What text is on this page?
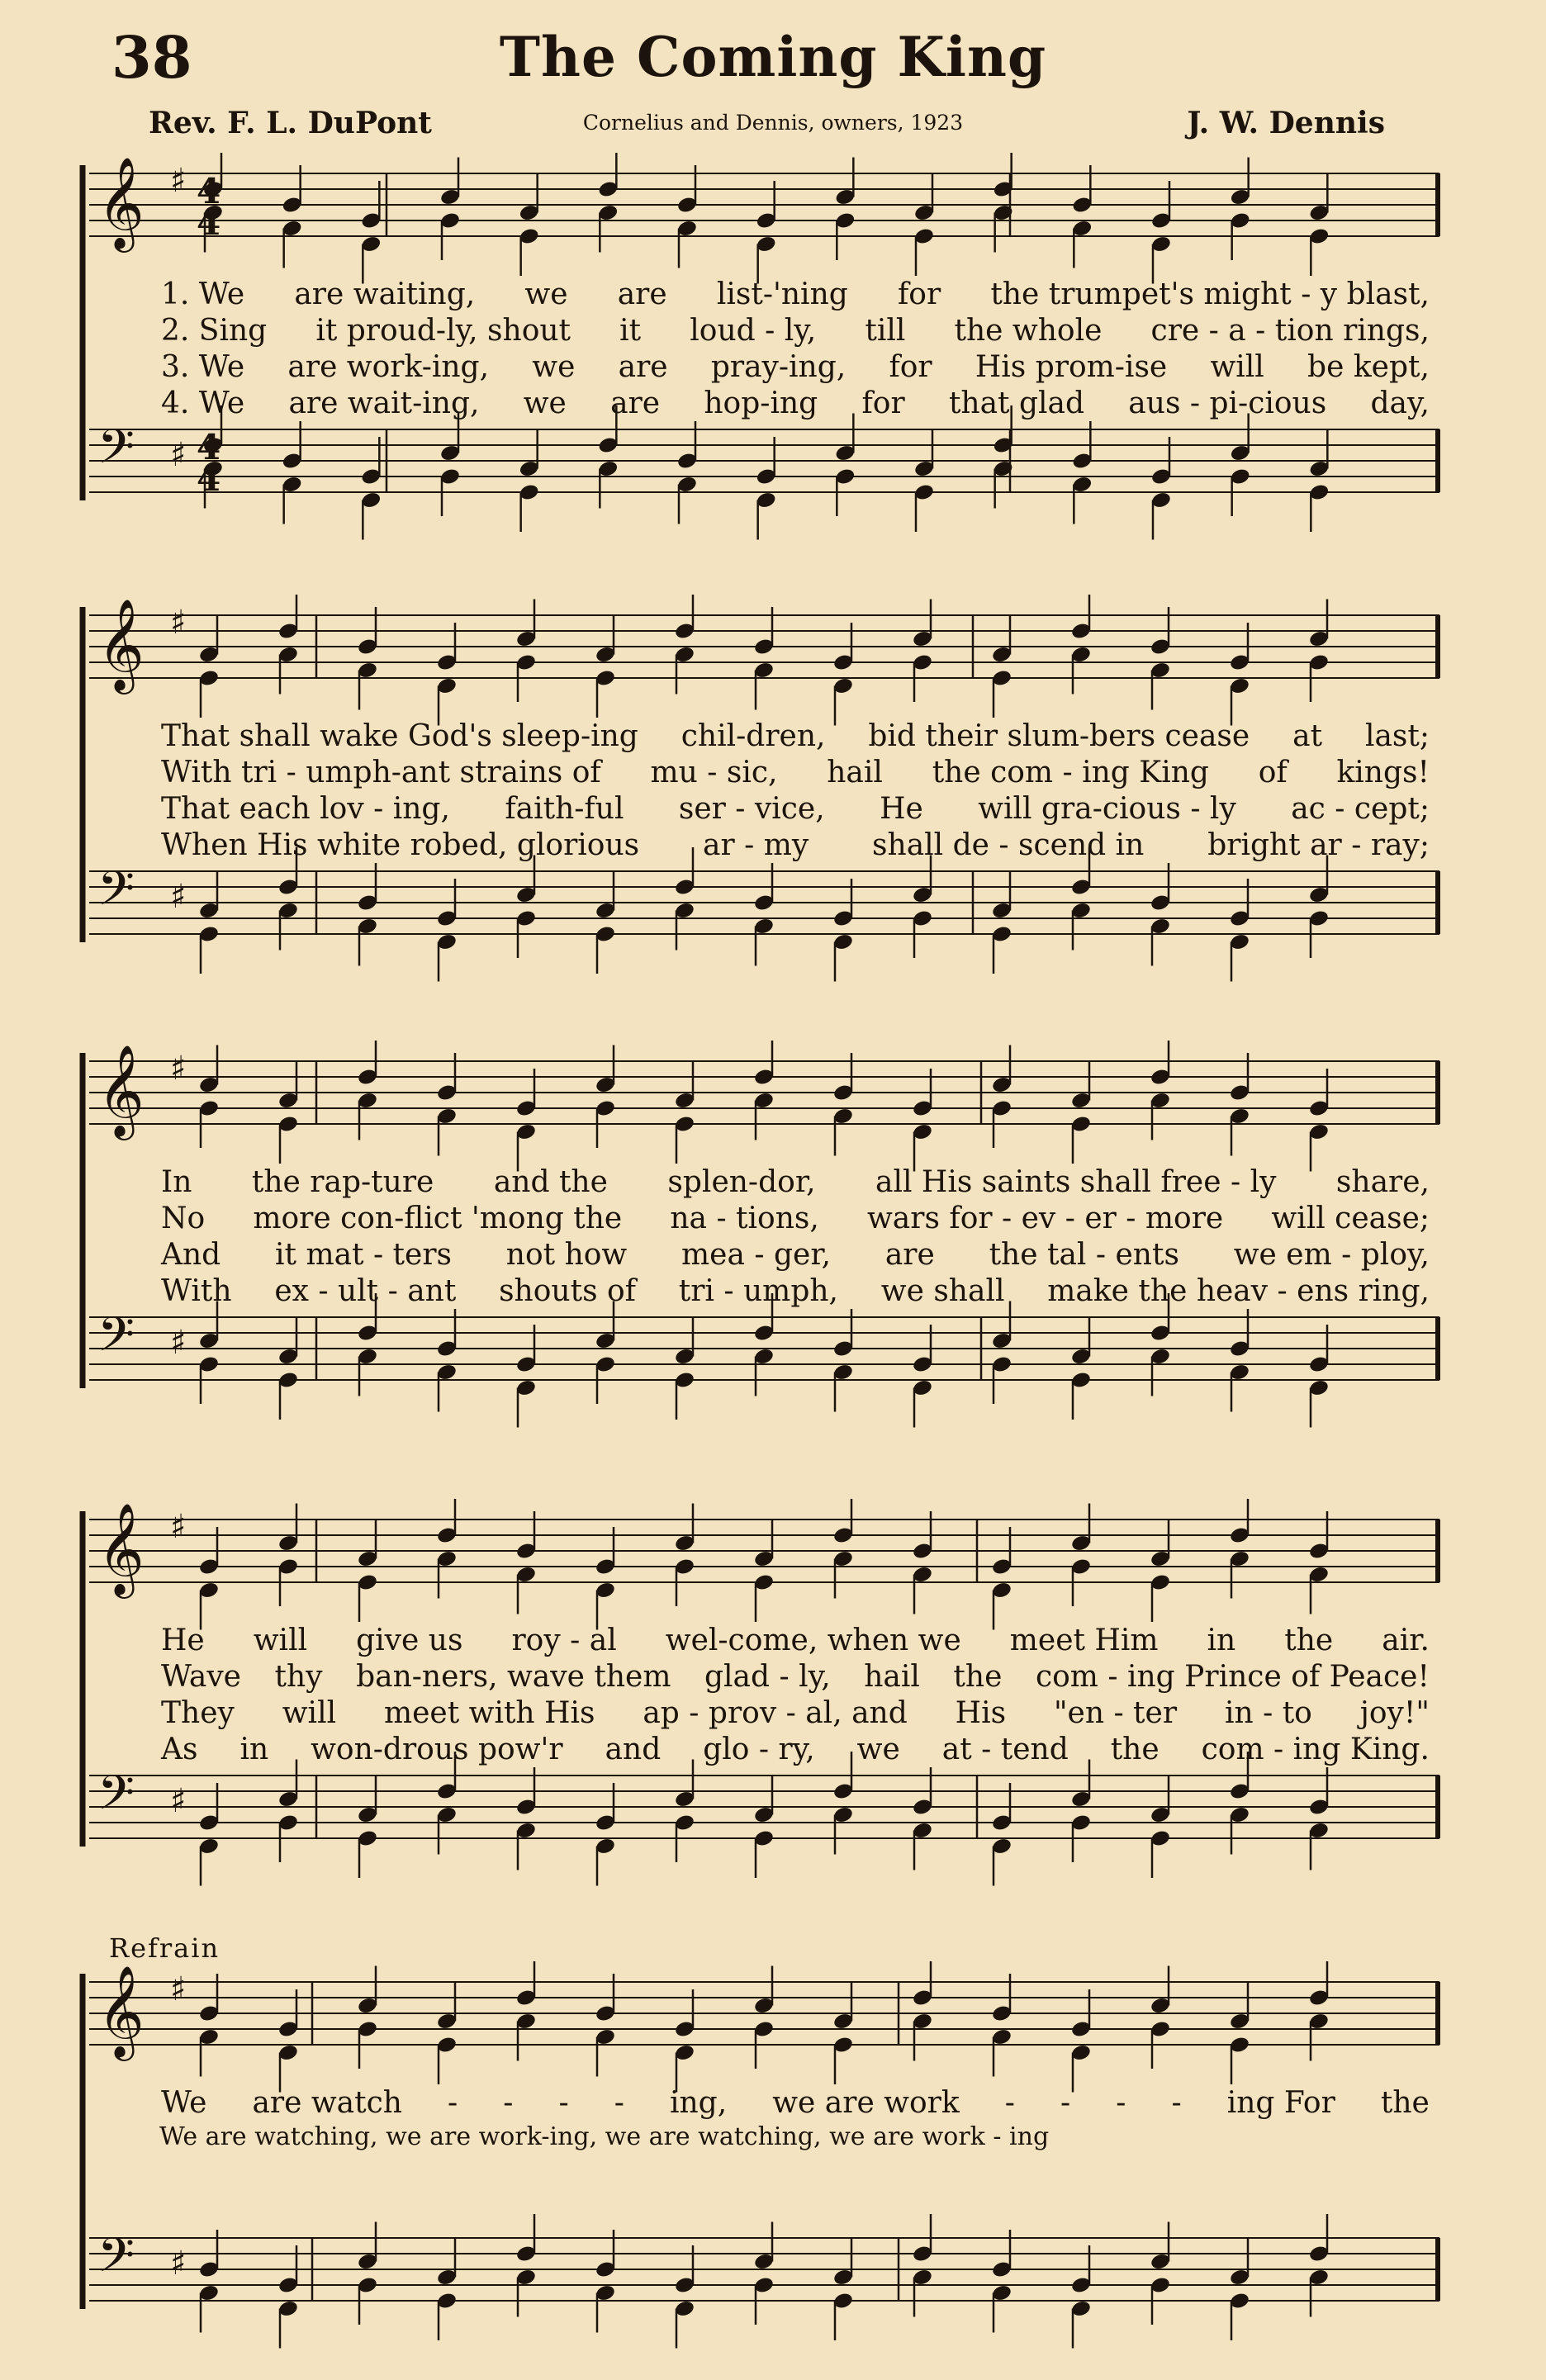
38	The Coming King
Rev. F. L. DuPont	Cornelius and Dennis, owners, 1923	J. W. Dennis
𝄞 ♯
𝄢 ♯
4
4
4
4
1. We are waiting, we are list-'ning for the trumpet's might - y blast,
2. Sing it proud-ly, shout it loud - ly, till the whole cre - a - tion rings,
3. We are work-ing, we are pray-ing, for His prom-ise will be kept,
4. We are wait-ing, we are hop-ing for that glad aus - pi-cious day,
𝄞 ♯
𝄢 ♯
That shall wake God's sleep-ing chil-dren, bid their slum-bers cease at last;
With tri - umph-ant strains of mu - sic, hail the com - ing King of kings!
That each lov - ing, faith-ful ser - vice, He will gra-cious - ly ac - cept;
When His white robed, glorious ar - my shall de - scend in bright ar - ray;
𝄞 ♯
𝄢 ♯
In the rap-ture and the splen-dor, all His saints shall free - ly share,
No more con-flict 'mong the na - tions, wars for - ev - er - more will cease;
And it mat - ters not how mea - ger, are the tal - ents we em - ploy,
With ex - ult - ant shouts of tri - umph, we shall make the heav - ens ring,
𝄞 ♯
𝄢 ♯
He will give us roy - al wel-come, when we meet Him in the air.
Wave thy ban-ners, wave them glad - ly, hail the com - ing Prince of Peace!
They will meet with His ap - prov - al, and His "en - ter in - to joy!"
As in won-drous pow'r and glo - ry, we at - tend the com - ing King.
Refrain
𝄞 ♯
𝄢 ♯
We are watch - - - - ing, we are work - - - - ing For the
We are watching, we are work-ing, we are watching, we are work - ing
